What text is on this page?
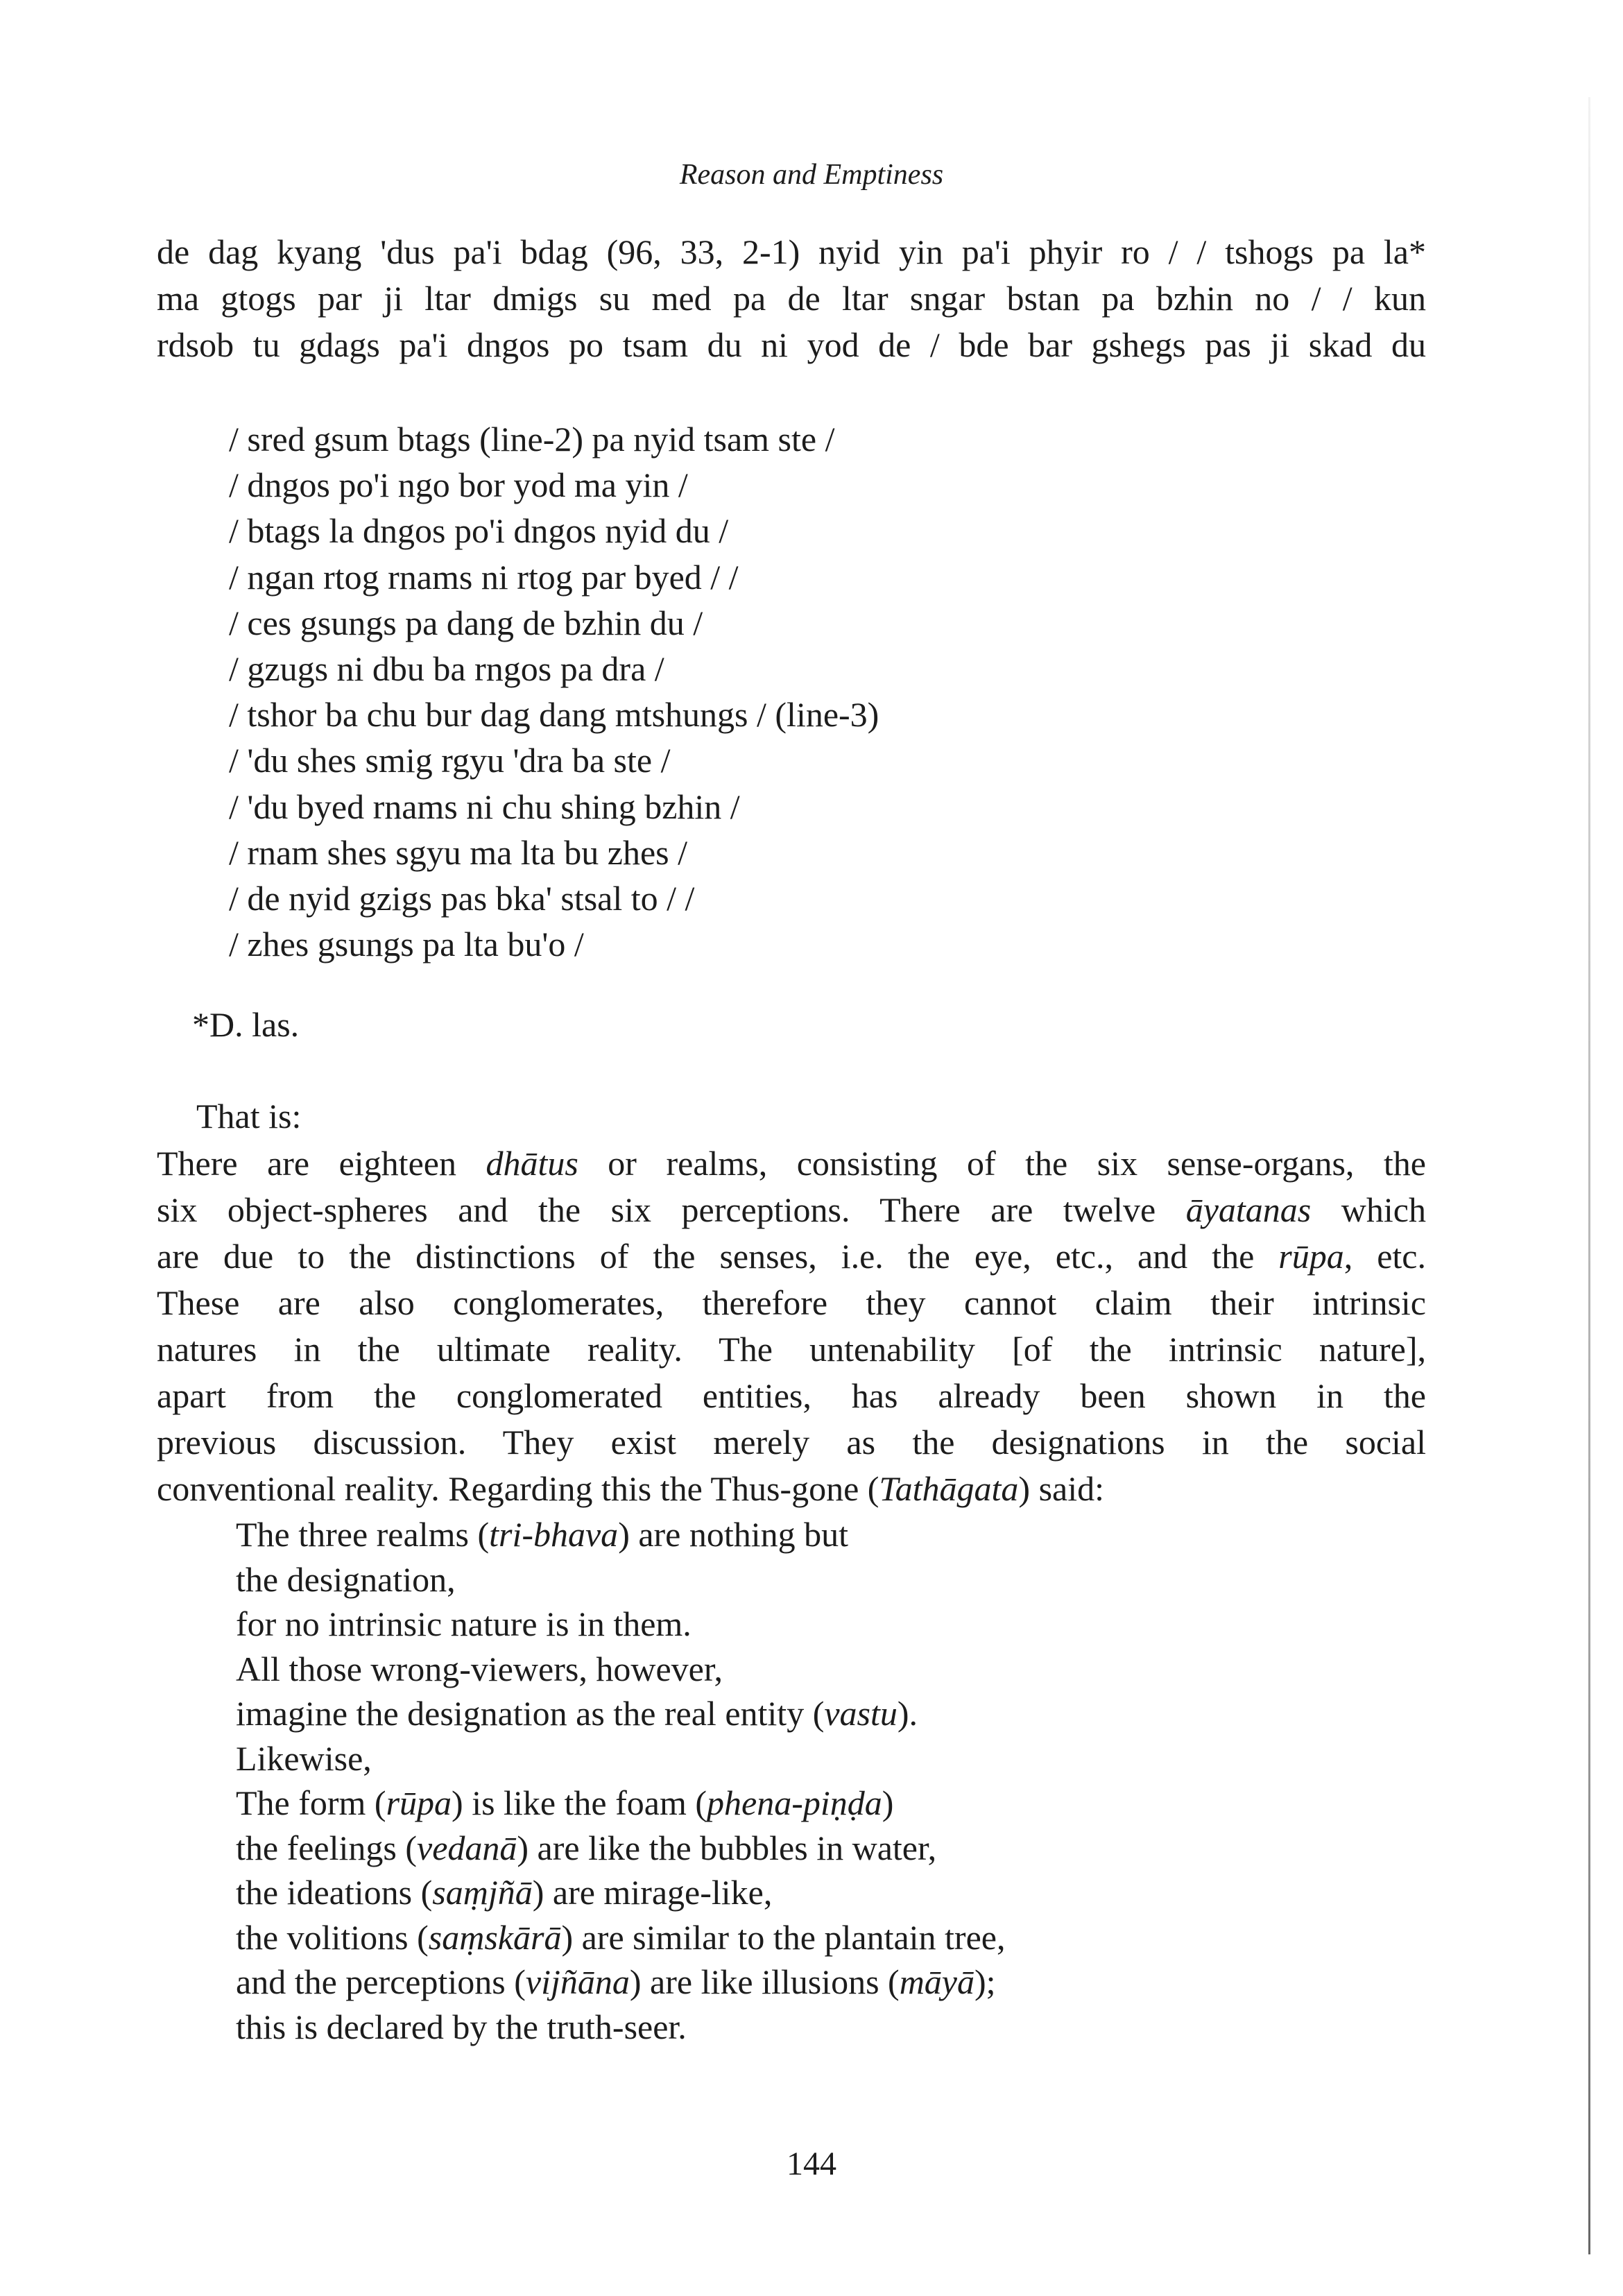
Reason and Emptiness
de dag kyang 'dus pa'i bdag (96, 33, 2-1) nyid yin pa'i phyir ro / / tshogs pa la*
ma gtogs par ji ltar dmigs su med pa de ltar sngar bstan pa bzhin no / / kun
rdsob tu gdags pa'i dngos po tsam du ni yod de / bde bar gshegs pas ji skad du
/ sred gsum btags (line-2) pa nyid tsam ste /
/ dngos po'i ngo bor yod ma yin /
/ btags la dngos po'i dngos nyid du /
/ ngan rtog rnams ni rtog par byed / /
/ ces gsungs pa dang de bzhin du /
/ gzugs ni dbu ba rngos pa dra /
/ tshor ba chu bur dag dang mtshungs / (line-3)
/ 'du shes smig rgyu 'dra ba ste /
/ 'du byed rnams ni chu shing bzhin /
/ rnam shes sgyu ma lta bu zhes /
/ de nyid gzigs pas bka' stsal to / /
/ zhes gsungs pa lta bu'o /
*D. las.
That is:
There are eighteen dhātus or realms, consisting of the six sense-organs, the
six object-spheres and the six perceptions. There are twelve āyatanas which
are due to the distinctions of the senses, i.e. the eye, etc., and the rūpa, etc.
These are also conglomerates, therefore they cannot claim their intrinsic
natures in the ultimate reality. The untenability [of the intrinsic nature],
apart from the conglomerated entities, has already been shown in the
previous discussion. They exist merely as the designations in the social
conventional reality. Regarding this the Thus-gone (Tathāgata) said:
The three realms (tri-bhava) are nothing but
the designation,
for no intrinsic nature is in them.
All those wrong-viewers, however,
imagine the designation as the real entity (vastu).
Likewise,
The form (rūpa) is like the foam (phena-piṇḍa)
the feelings (vedanā) are like the bubbles in water,
the ideations (saṃjñā) are mirage-like,
the volitions (saṃskārā) are similar to the plantain tree,
and the perceptions (vijñāna) are like illusions (māyā);
this is declared by the truth-seer.
144
